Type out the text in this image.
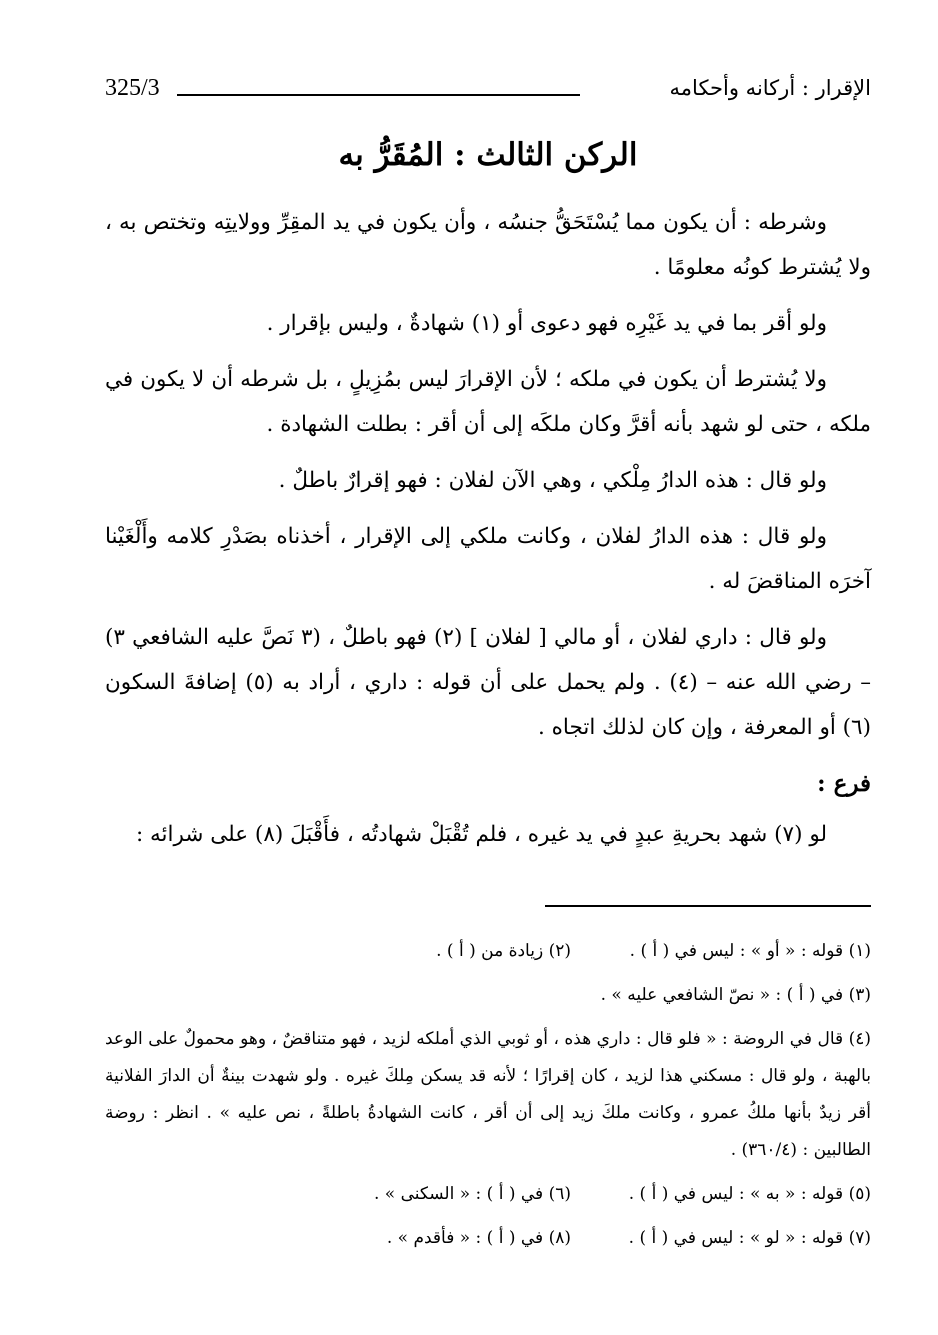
325/3	الإقرار : أركانه وأحكامه
الركن الثالث : المُقَرُّ به

وشرطه : أن يكون مما يُسْتَحَقُّ جنسُه ، وأن يكون في يد المقِرِّ وولايتِه وتختص به ، ولا يُشترط كونُه معلومًا .

ولو أقر بما في يد غَيْرِه فهو دعوى أو (١) شهادةٌ ، وليس بإقرار .

ولا يُشترط أن يكون في ملكه ؛ لأن الإقرارَ ليس بمُزِيلٍ ، بل شرطه أن لا يكون في ملكه ، حتى لو شهد بأنه أقرَّ وكان ملكَه إلى أن أقر : بطلت الشهادة .

ولو قال : هذه الدارُ مِلْكي ، وهي الآن لفلان : فهو إقرارٌ باطلٌ .

ولو قال : هذه الدارُ لفلان ، وكانت ملكي إلى الإقرار ، أخذناه بصَدْرِ كلامه وأَلْغَيْنا آخرَه المناقضَ له .

ولو قال : داري لفلان ، أو مالي [ لفلان ] (٢) فهو باطلٌ ، (٣ نَصَّ عليه الشافعي ٣) – رضي الله عنه – (٤) . ولم يحمل على أن قوله : داري ، أراد به (٥) إضافةَ السكون (٦) أو المعرفة ، وإن كان لذلك اتجاه .

فرع :

لو (٧) شهد بحريةِ عبدٍ في يد غيره ، فلم تُقْبَلْ شهادتُه ، فأَقْبَلَ (٨) على شرائه :

(١) قوله : « أو » : ليس في ( أ ) .
(٢) زيادة من ( أ ) .
(٣) في ( أ ) : « نصّ الشافعي عليه » .
(٤) قال في الروضة : « فلو قال : داري هذه ، أو ثوبي الذي أملكه لزيد ، فهو متناقضٌ ، وهو محمولٌ على الوعد بالهبة ، ولو قال : مسكني هذا لزيد ، كان إقرارًا ؛ لأنه قد يسكن مِلكَ غيره . ولو شهدت بينةٌ أن الدارَ الفلانية أقر زيدٌ بأنها ملكُ عمرو ، وكانت ملكَ زيد إلى أن أقر ، كانت الشهادةُ باطلةً ، نص عليه » . انظر : روضة الطالبين : (٣٦٠/٤) .
(٥) قوله : « به » : ليس في ( أ ) .
(٦) في ( أ ) : « السكنى » .
(٧) قوله : « لو » : ليس في ( أ ) .
(٨) في ( أ ) : « فأقدم » .
